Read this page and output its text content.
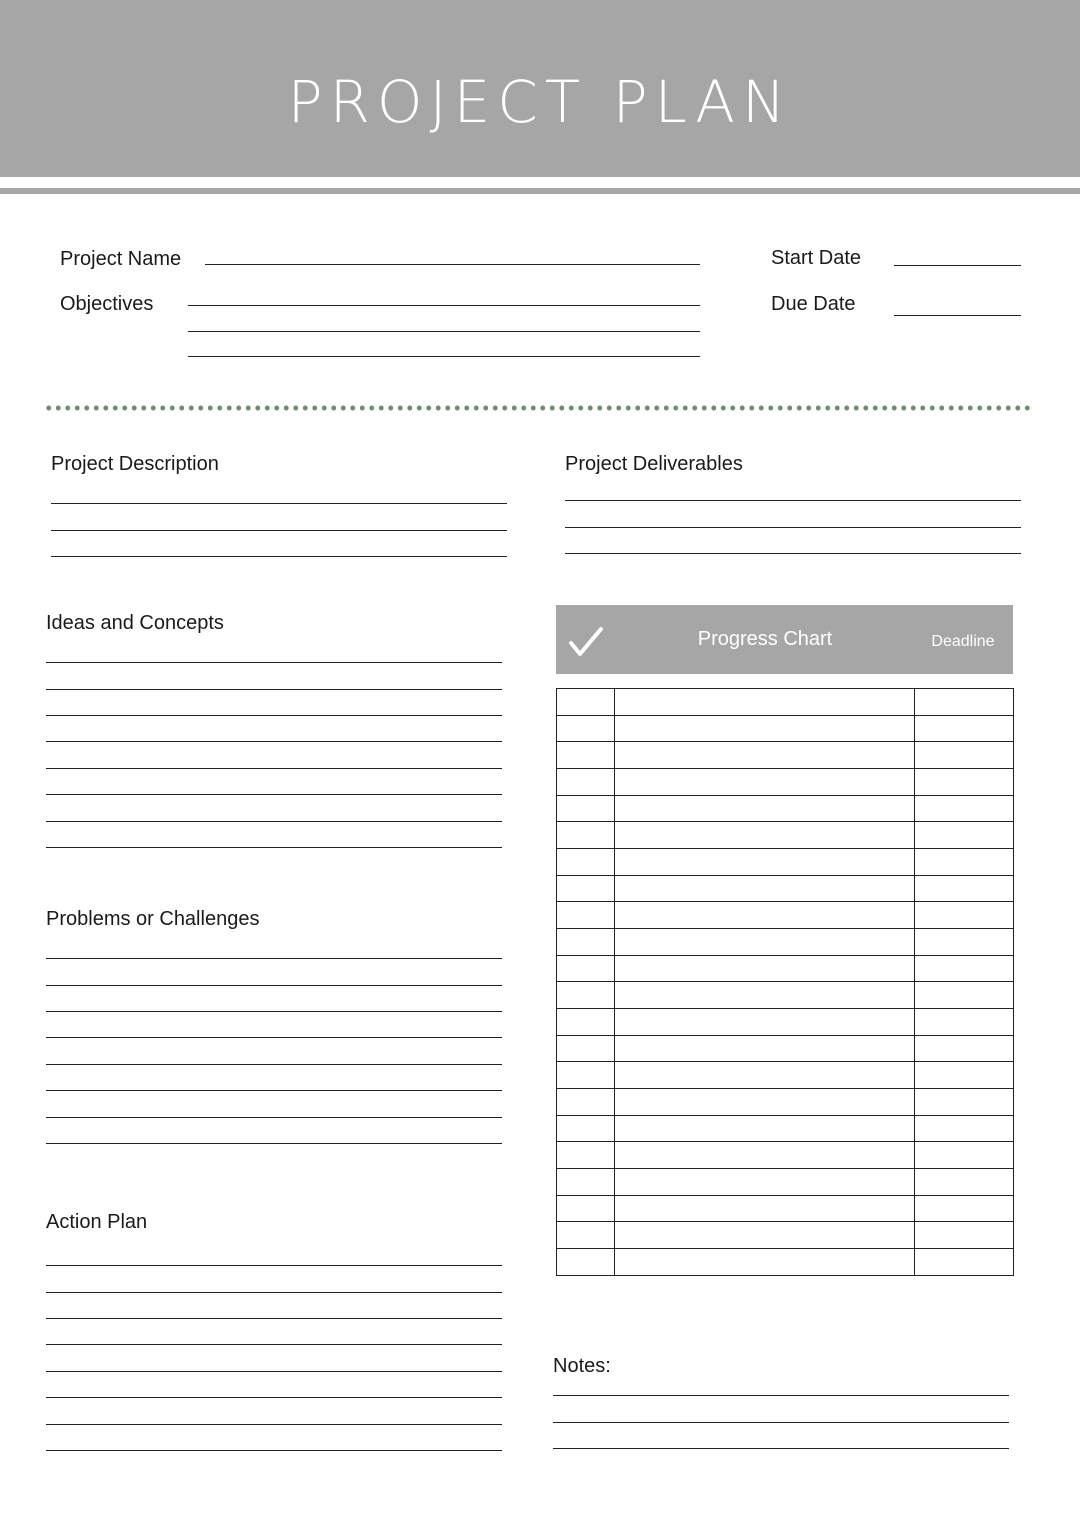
PROJECT PLAN
Project Name
Objectives
Start Date
Due Date
Project Description	Project Deliverables
Ideas and Concepts
Problems or Challenges
Action Plan
Progress Chart	Deadline

Notes:
